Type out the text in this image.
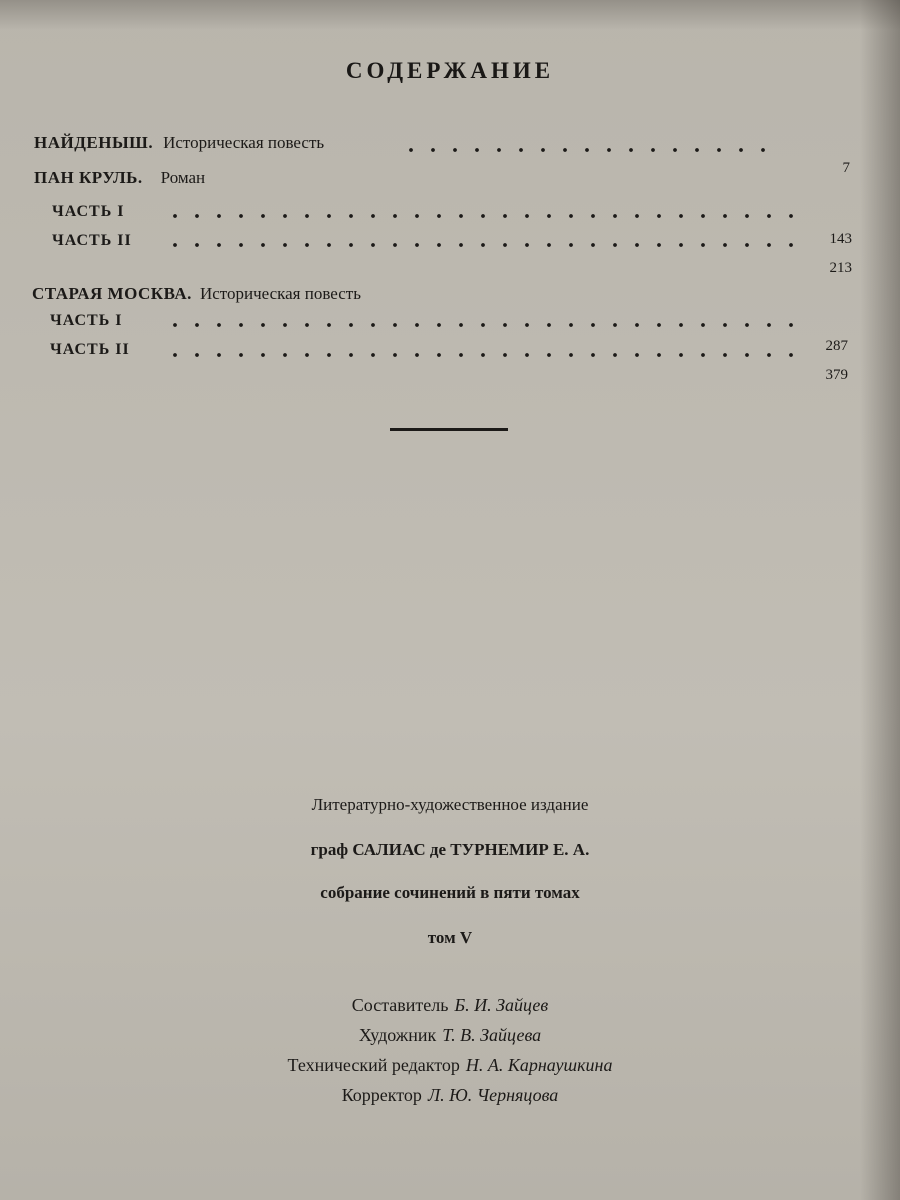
СОДЕРЖАНИЕ
НАЙДЕНЫШ. Историческая повесть
7
ПАН КРУЛЬ. Роман
ЧАСТЬ I
143
ЧАСТЬ II
213
СТАРАЯ МОСКВА. Историческая повесть
ЧАСТЬ I
287
ЧАСТЬ II
379
Литературно-художественное издание
граф САЛИАС де ТУРНЕМИР Е. А.
собрание сочинений в пяти томах
том V
Составитель Б. И. Зайцев
Художник Т. В. Зайцева
Технический редактор Н. А. Карнаушкина
Корректор Л. Ю. Черняцова
